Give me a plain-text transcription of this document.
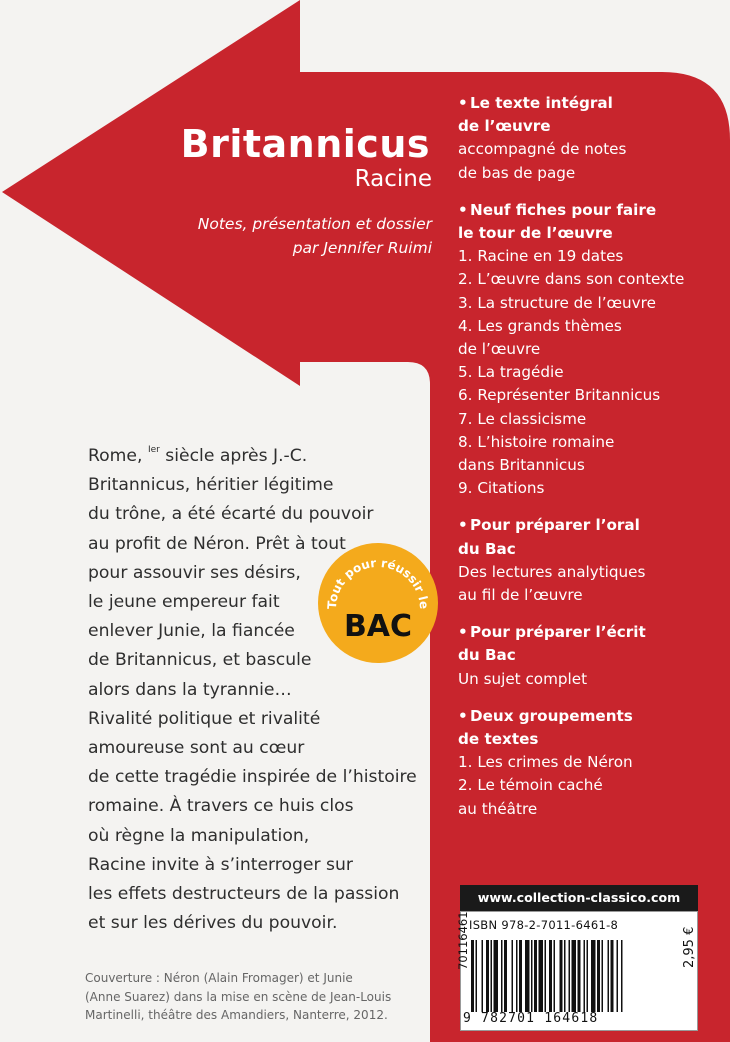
Britannicus
Racine
Notes, présentation et dossier
par Jennifer Ruimi
• Le texte intégral
de l’œuvre
accompagné de notes
de bas de page
• Neuf fiches pour faire
le tour de l’œuvre
1. Racine en 19 dates
2. L’œuvre dans son contexte
3. La structure de l’œuvre
4. Les grands thèmes
de l’œuvre
5. La tragédie
6. Représenter Britannicus
7. Le classicisme
8. L’histoire romaine
dans Britannicus
9. Citations
• Pour préparer l’oral
du Bac
Des lectures analytiques
au fil de l’œuvre
• Pour préparer l’écrit
du Bac
Un sujet complet
• Deux groupements
de textes
1. Les crimes de Néron
2. Le témoin caché
au théâtre
Rome, $^{Ier}$ siècle après J.-C.
Britannicus, héritier légitime
du trône, a été écarté du pouvoir
au profit de Néron. Prêt à tout
pour assouvir ses désirs,
le jeune empereur fait
enlever Junie, la fiancée
de Britannicus, et bascule
alors dans la tyrannie…
Rivalité politique et rivalité
amoureuse sont au cœur
de cette tragédie inspirée de l’histoire
romaine. À travers ce huis clos
où règne la manipulation,
Racine invite à s’interroger sur
les effets destructeurs de la passion
et sur les dérives du pouvoir.
Tout pour réussir le
BAC
Couverture : Néron (Alain Fromager) et Junie
(Anne Suarez) dans la mise en scène de Jean-Louis
Martinelli, théâtre des Amandiers, Nanterre, 2012.
www.collection-classico.com
ISBN 978-2-7011-6461-8
9 782701 164618
70116461	2,95 €
